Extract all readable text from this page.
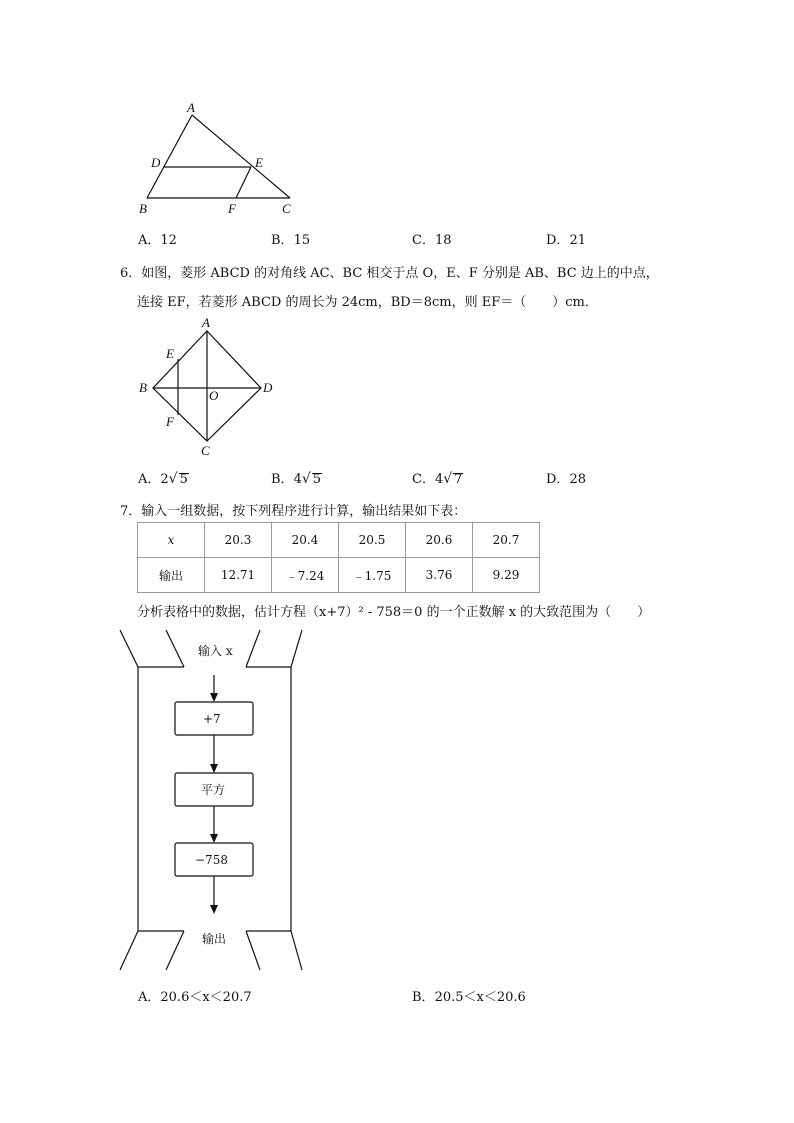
A
D	E
B	F	C
A．12	B．15	C．18	D．21
6．如图，菱形 ABCD 的对角线 AC、BC 相交于点 O，E、F 分别是 AB、BC 边上的中点，
连接 EF，若菱形 ABCD 的周长为 24cm，BD＝8cm，则 EF＝（　　）cm．
A
E
B
O
D
F
C
A．2√ 5	B．4√ 5	C．4√ 7	D．28
7．输入一组数据，按下列程序进行计算，输出结果如下表：
x	20.3	20.4	20.5	20.6	20.7
输出	12.71	﹣7.24	﹣1.75	3.76	9.29
分析表格中的数据，估计方程（x+7）² - 758＝0 的一个正数解 x 的大致范围为（　　）
输入 x
+7
平方
−758
输出
A．20.6＜x＜20.7	B．20.5＜x＜20.6
